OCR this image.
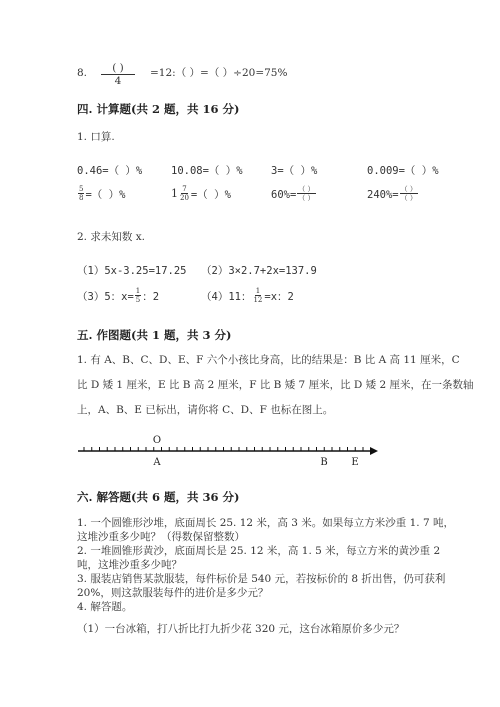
8.	( )
4
=12:（ ）=（ ）÷20=75%
四. 计算题(共 2 题，共 16 分)
1. 口算.
0.46=（ ）%	10.08=（ ）%	3=（ ）%	0.009=（ ）%
$\frac{5}{8}$ =（ ）%	$1 \frac{7}{20}$ =（ ）%	$60\%= \frac{( )}{( )}$	$240\%= \frac{( )}{( )}$
2. 求未知数 x.
（1）5x-3.25=17.25 （2）3×2.7+2x=137.9
（3）5：$x= \frac{1}{5}$ ：2	（4）11： $\frac{1}{12} =x$：2
五. 作图题(共 1 题，共 3 分)
1. 有 A、B、C、D、E、F 六个小孩比身高，比的结果是：B 比 A 高 11 厘米，C
比 D 矮 1 厘米，E 比 B 高 2 厘米，F 比 B 矮 7 厘米，比 D 矮 2 厘米，在一条数轴
上，A、B、E 已标出，请你将 C、D、F 也标在图上。
O
A	B E
六. 解答题(共 6 题，共 36 分)
1. 一个圆锥形沙堆，底面周长 25. 12 米，高 3 米。如果每立方米沙重 1. 7 吨，
这堆沙重多少吨？（得数保留整数）
2. 一堆圆锥形黄沙，底面周长是 25. 12 米，高 1. 5 米，每立方米的黄沙重 2
吨，这堆沙重多少吨？
3. 服装店销售某款服装，每件标价是 540 元，若按标价的 8 折出售，仍可获利
20%，则这款服装每件的进价是多少元？
4. 解答题。
（1）一台冰箱，打八折比打九折少花 320 元，这台冰箱原价多少元？
